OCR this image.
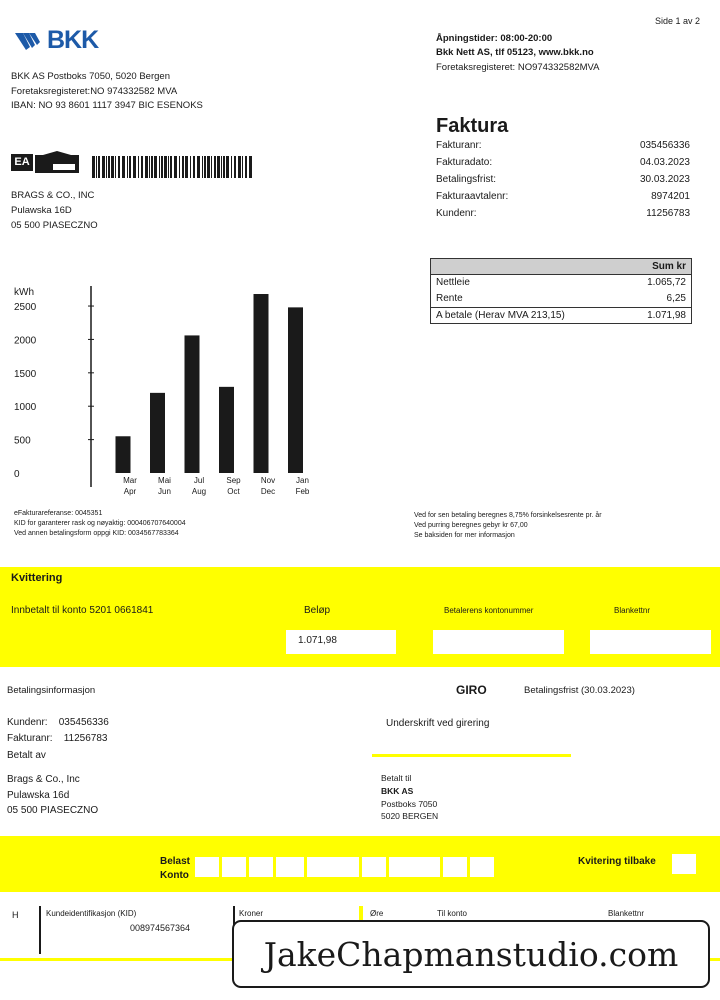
Side 1 av 2
BKK
BKK AS Postboks 7050, 5020 Bergen
Foretaksregisteret:NO 974332582 MVA
IBAN: NO 93 8601 1117 3947 BIC ESENOKS
Åpningstider: 08:00-20:00
Bkk Nett AS, tlf 05123, www.bkk.no
Foretaksregisteret: NO974332582MVA
Faktura
Fakturanr:	035456336
Fakturadato:	04.03.2023
Betalingsfrist:	30.03.2023
Fakturaavtalenr:	8974201
Kundenr:	11256783
EA
BRAGS & CO., INC
Pulawska 16D
05 500 PIASECZNO
Sum kr
Nettleie	1.065,72
Rente	6,25
A betale (Herav MVA 213,15)	1.071,98
kWh
0
500
1000
1500
2000
2500
Mar
Apr
Mai
Jun
Jul
Aug
Sep
Oct
Nov
Dec
Jan
Feb
eFakturareferanse: 0045351
KID for garanterer rask og nøyaktig: 000406707640004
Ved annen betalingsform oppgi KID: 0034567783364
Ved for sen betaling beregnes 8,75% forsinkelsesrente pr. år
Ved purring beregnes gebyr kr 67,00
Se baksiden for mer informasjon
Kvittering
Innbetalt til konto 5201 0661841	Beløp	Betalerens kontonummer	Blankettnr
1.071,98
Betalingsinformasjon	GIRO	Betalingsfrist (30.03.2023)
Kundenr: 035456336
Fakturanr: 11256783
Betalt av
Underskrift ved girering
Brags & Co., Inc
Pulawska 16d
05 500 PIASECZNO
Betalt til
BKK AS
Postboks 7050
5020 BERGEN
Belast
Konto
Kvitering tilbake
H	Kundeidentifikasjon (KID)
008974567364
Kroner	Øre	Til konto	Blankettnr
JakeChapmanstudio.com
